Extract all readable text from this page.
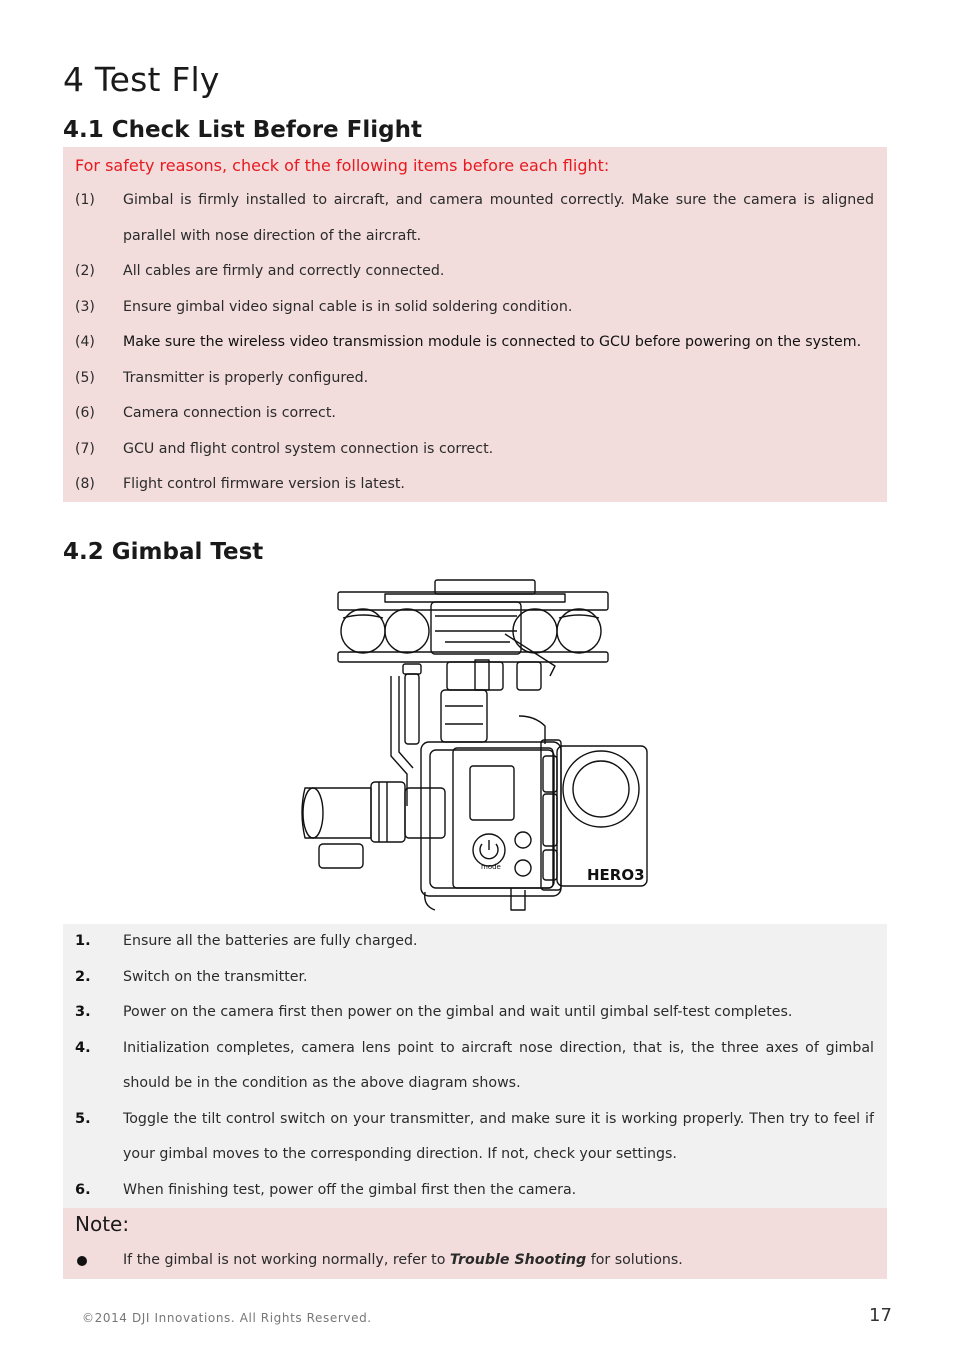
4 Test Fly
4.1 Check List Before Flight
For safety reasons, check of the following items before each flight:
(1) Gimbal is firmly installed to aircraft, and camera mounted correctly. Make sure the camera is aligned
parallel with nose direction of the aircraft.
(2) All cables are firmly and correctly connected.
(3) Ensure gimbal video signal cable is in solid soldering condition.
(4) Make sure the wireless video transmission module is connected to GCU before powering on the system.
(5) Transmitter is properly configured.
(6) Camera connection is correct.
(7) GCU and flight control system connection is correct.
(8) Flight control firmware version is latest.
4.2 Gimbal Test
mode	HERO3
1. Ensure all the batteries are fully charged.
2. Switch on the transmitter.
3. Power on the camera first then power on the gimbal and wait until gimbal self-test completes.
4. Initialization completes, camera lens point to aircraft nose direction, that is, the three axes of gimbal
should be in the condition as the above diagram shows.
5. Toggle the tilt control switch on your transmitter, and make sure it is working properly. Then try to feel if
your gimbal moves to the corresponding direction. If not, check your settings.
6. When finishing test, power off the gimbal first then the camera.
Note:
If the gimbal is not working normally, refer to Trouble Shooting for solutions.
©2014 DJI Innovations. All Rights Reserved.	17
